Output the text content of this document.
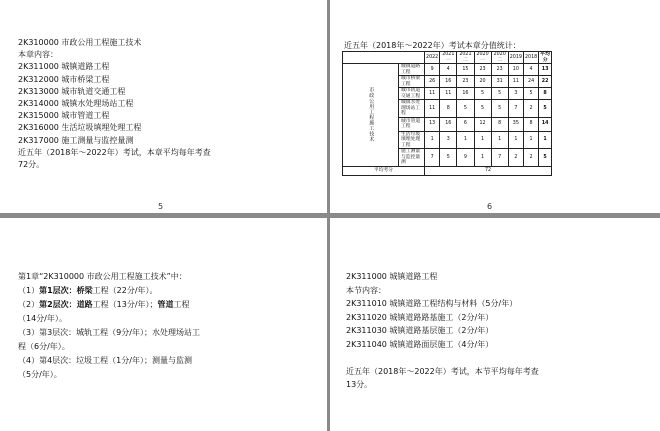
2K310000 市政公用工程施工技术
本章内容：
2K311000 城镇道路工程
2K312000 城市桥梁工程
2K313000 城市轨道交通工程
2K314000 城镇水处理场站工程
2K315000 城市管道工程
2K316000 生活垃圾填埋处理工程
2K317000 施工测量与监控量测
近五年（2018年～2022年）考试，本章平均每年考查
72分。
5
近五年（2018年～2022年）考试本章分值统计：
		2022	2021一	2021二	2020一	2020二	2019	2018	平均分
市政公用工程施工技术	城镇道路工程	9	4	15	23	23	10	4	13
	城市桥梁工程	26	16	23	20	31	11	24	22
	城市轨道交通工程	11	11	16	5	5	3	5	8
	城镇水处理场站工程	11	8	5	5	5	7	2	5
	城市管道工程	13	16	6	12	8	35	8	14
	生活垃圾填埋处理工程	1	3	1	1	1	1	1	1
	施工测量与监控量测	7	5	9	1	7	2	2	5
平均考分		72							
6
第1章“2K310000 市政公用工程施工技术”中：
（1）第1层次：桥梁工程（22分/年）。
（2）第2层次：道路工程（13分/年）；管道工程
（14分/年）。
（3）第3层次：城轨工程（9分/年）；水处理场站工
程（6分/年）。
（4）第4层次：垃圾工程（1分/年）；测量与监测
（5分/年）。
2K311000 城镇道路工程
本节内容：
2K311010 城镇道路工程结构与材料（5分/年）
2K311020 城镇道路路基施工（2分/年）
2K311030 城镇道路基层施工（2分/年）
2K311040 城镇道路面层施工（4分/年）
近五年（2018年～2022年）考试，本节平均每年考查
13分。
